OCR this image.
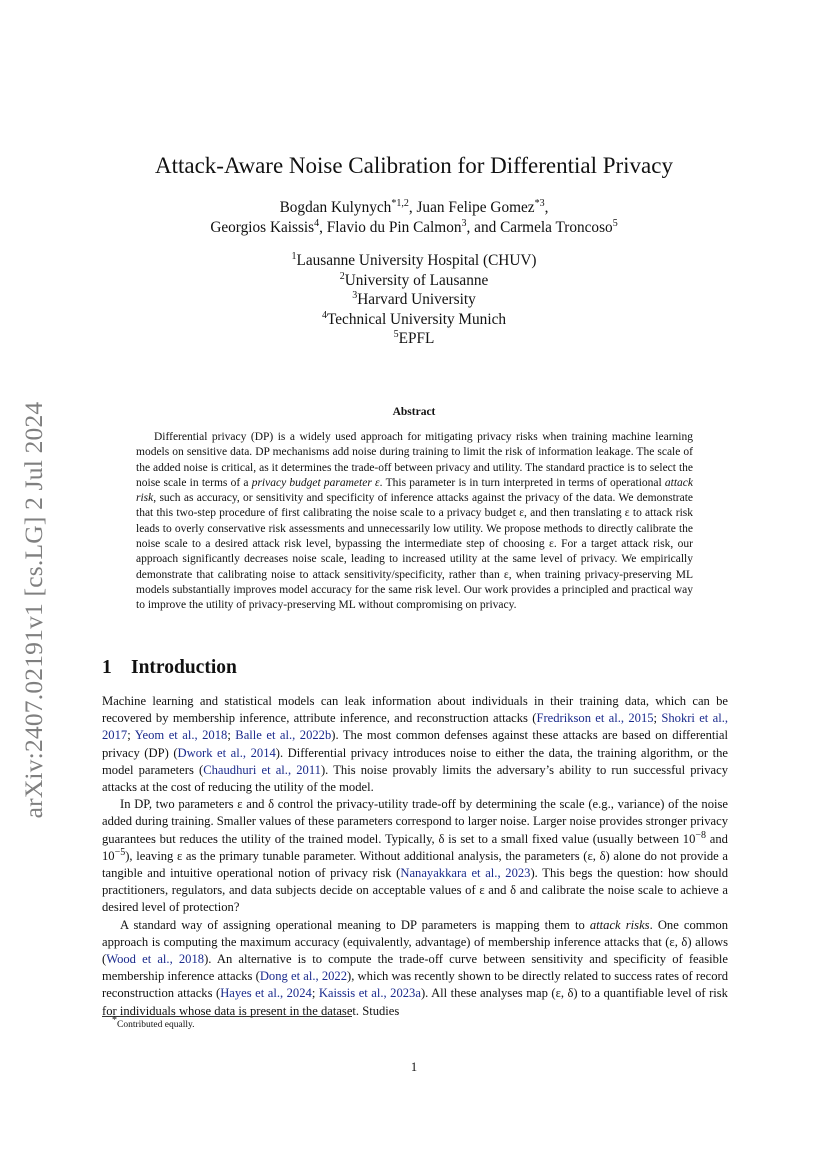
arXiv:2407.02191v1 [cs.LG] 2 Jul 2024
Attack-Aware Noise Calibration for Differential Privacy
Bogdan Kulynych$^{*1,2}$, Juan Felipe Gomez$^{*3}$,
Georgios Kaissis$^4$, Flavio du Pin Calmon$^3$, and Carmela Troncoso$^5$
$^1$Lausanne University Hospital (CHUV)
$^2$University of Lausanne
$^3$Harvard University
$^4$Technical University Munich
$^5$EPFL
Abstract

Differential privacy (DP) is a widely used approach for mitigating privacy risks when training machine learning models on sensitive data. DP mechanisms add noise during training to limit the risk of information leakage. The scale of the added noise is critical, as it determines the trade-off between privacy and utility. The standard practice is to select the noise scale in terms of a privacy budget parameter ε. This parameter is in turn interpreted in terms of operational attack risk, such as accuracy, or sensitivity and specificity of inference attacks against the privacy of the data. We demonstrate that this two-step procedure of first calibrating the noise scale to a privacy budget ε, and then translating ε to attack risk leads to overly conservative risk assessments and unnecessarily low utility. We propose methods to directly calibrate the noise scale to a desired attack risk level, bypassing the intermediate step of choosing ε. For a target attack risk, our approach significantly decreases noise scale, leading to increased utility at the same level of privacy. We empirically demonstrate that calibrating noise to attack sensitivity/specificity, rather than ε, when training privacy-preserving ML models substantially improves model accuracy for the same risk level. Our work provides a principled and practical way to improve the utility of privacy-preserving ML without compromising on privacy.

1 Introduction

Machine learning and statistical models can leak information about individuals in their training data, which can be recovered by membership inference, attribute inference, and reconstruction attacks (Fredrikson et al., 2015; Shokri et al., 2017; Yeom et al., 2018; Balle et al., 2022b). The most common defenses against these attacks are based on differential privacy (DP) (Dwork et al., 2014). Differential privacy introduces noise to either the data, the training algorithm, or the model parameters (Chaudhuri et al., 2011). This noise provably limits the adversary’s ability to run successful privacy attacks at the cost of reducing the utility of the model.

In DP, two parameters ε and δ control the privacy-utility trade-off by determining the scale (e.g., variance) of the noise added during training. Smaller values of these parameters correspond to larger noise. Larger noise provides stronger privacy guarantees but reduces the utility of the trained model. Typically, δ is set to a small fixed value (usually between $10^{-8}$ and $10^{-5}$), leaving ε as the primary tunable parameter. Without additional analysis, the parameters (ε, δ) alone do not provide a tangible and intuitive operational notion of privacy risk (Nanayakkara et al., 2023). This begs the question: how should practitioners, regulators, and data subjects decide on acceptable values of ε and δ and calibrate the noise scale to achieve a desired level of protection?

A standard way of assigning operational meaning to DP parameters is mapping them to attack risks. One common approach is computing the maximum accuracy (equivalently, advantage) of membership inference attacks that (ε, δ) allows (Wood et al., 2018). An alternative is to compute the trade-off curve between sensitivity and specificity of feasible membership inference attacks (Dong et al., 2022), which was recently shown to be directly related to success rates of record reconstruction attacks (Hayes et al., 2024; Kaissis et al., 2023a). All these analyses map (ε, δ) to a quantifiable level of risk for individuals whose data is present in the dataset. Studies

*Contributed equally.
1
